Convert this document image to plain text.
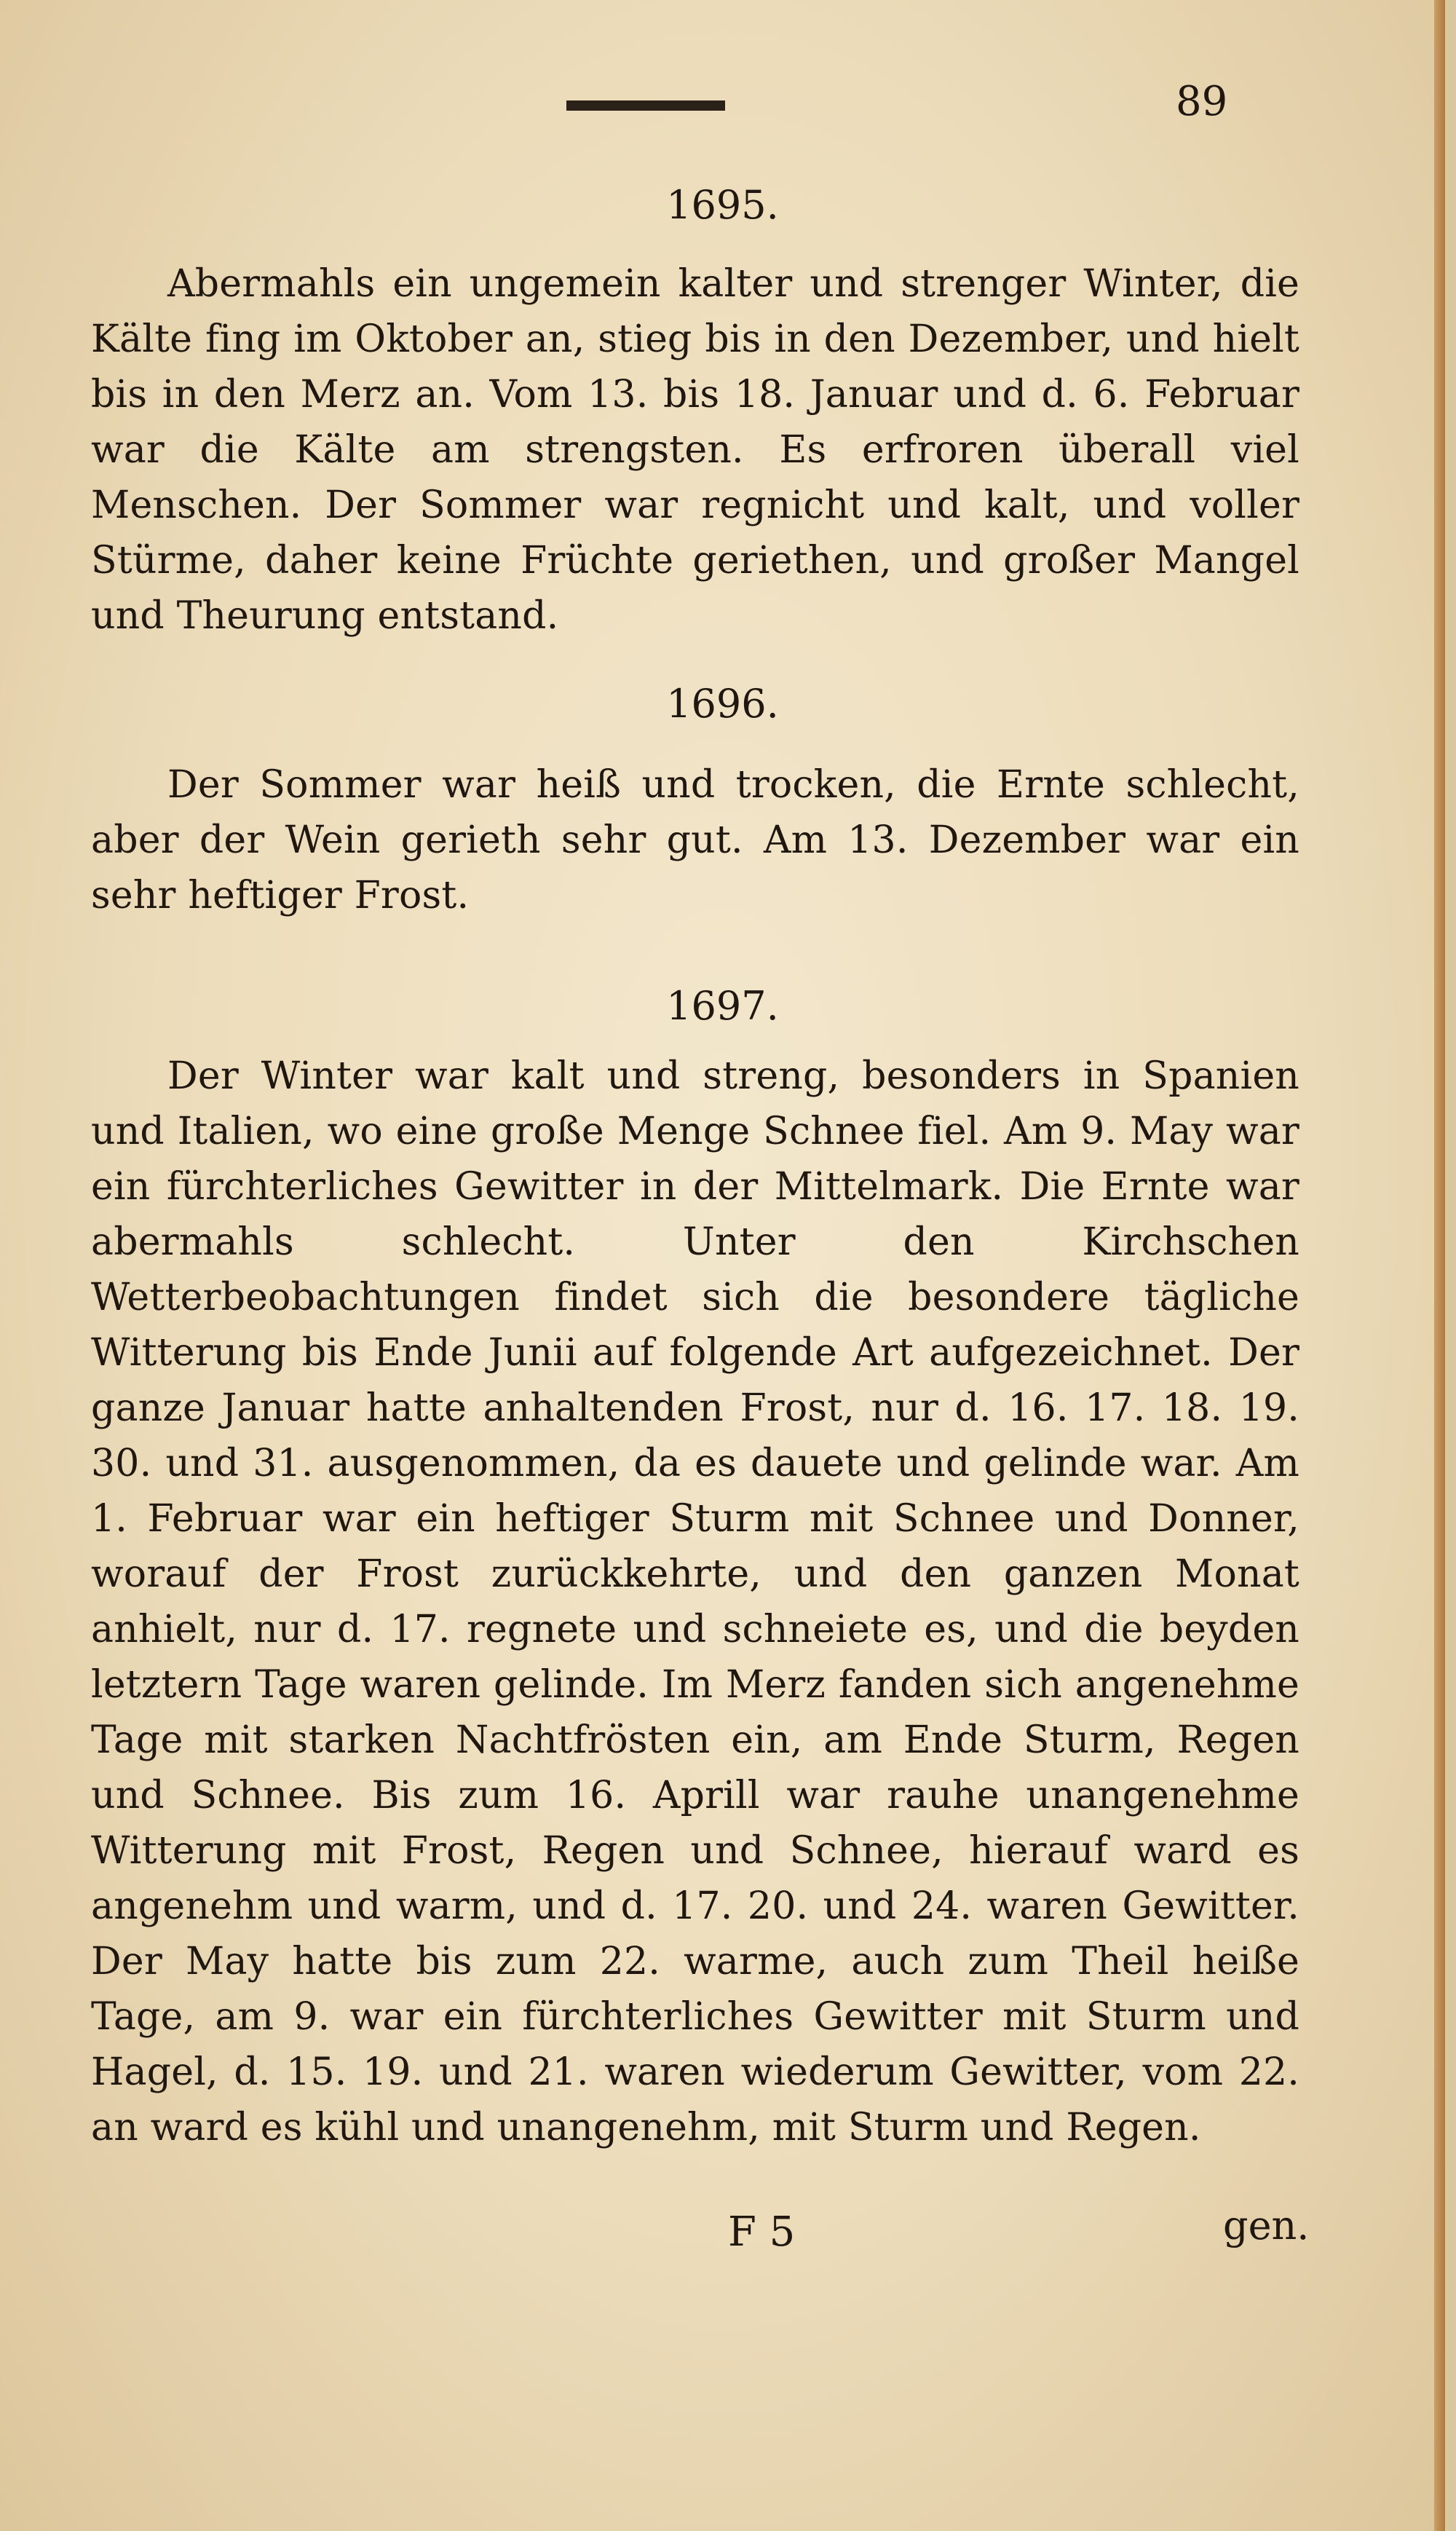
89
1695.

Abermahls ein ungemein kalter und strenger Winter, die Kälte fing im Oktober an, stieg bis in den Dezember, und hielt bis in den Merz an. Vom 13. bis 18. Januar und d. 6. Februar war die Kälte am strengsten. Es erfroren überall viel Menschen. Der Sommer war regnicht und kalt, und voller Stürme, daher keine Früchte geriethen, und großer Mangel und Theurung entstand.

1696.

Der Sommer war heiß und trocken, die Ernte schlecht, aber der Wein gerieth sehr gut. Am 13. Dezember war ein sehr heftiger Frost.

1697.

Der Winter war kalt und streng, besonders in Spanien und Italien, wo eine große Menge Schnee fiel. Am 9. May war ein fürchterliches Gewitter in der Mittelmark. Die Ernte war abermahls schlecht. Unter den Kirchschen Wetterbeobachtungen findet sich die besondere tägliche Witterung bis Ende Junii auf folgende Art aufgezeichnet. Der ganze Januar hatte anhaltenden Frost, nur d. 16. 17. 18. 19. 30. und 31. ausgenommen, da es dauete und gelinde war. Am 1. Februar war ein heftiger Sturm mit Schnee und Donner, worauf der Frost zurückkehrte, und den ganzen Monat anhielt, nur d. 17. regnete und schneiete es, und die beyden letztern Tage waren gelinde. Im Merz fanden sich angenehme Tage mit starken Nachtfrösten ein, am Ende Sturm, Regen und Schnee. Bis zum 16. Aprill war rauhe unangenehme Witterung mit Frost, Regen und Schnee, hierauf ward es angenehm und warm, und d. 17. 20. und 24. waren Gewitter. Der May hatte bis zum 22. warme, auch zum Theil heiße Tage, am 9. war ein fürchterliches Gewitter mit Sturm und Hagel, d. 15. 19. und 21. waren wiederum Gewitter, vom 22. an ward es kühl und unangenehm, mit Sturm und Regen.

F 5	gen.
